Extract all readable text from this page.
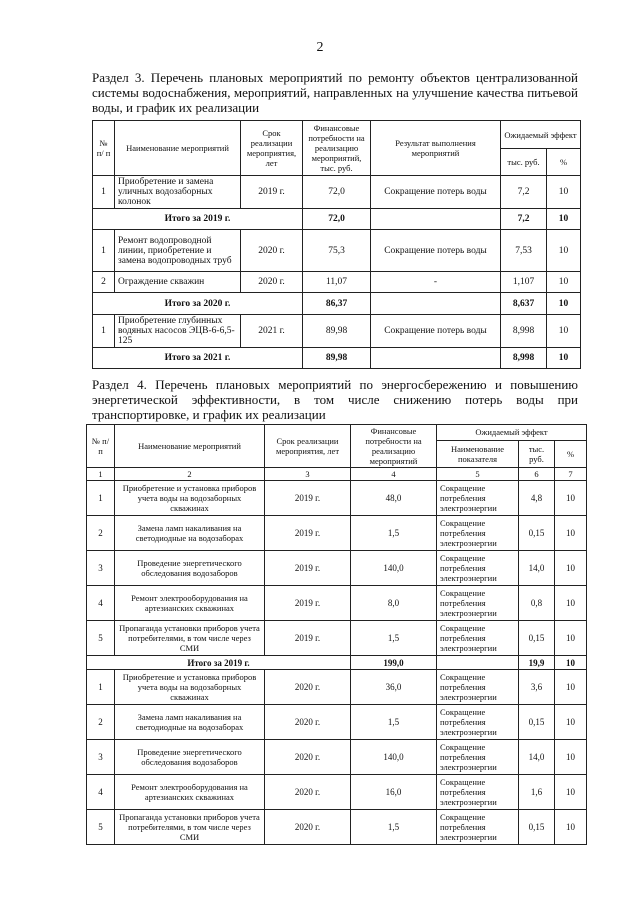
2
Раздел 3. Перечень плановых мероприятий по ремонту объектов централизованной системы водоснабжения, мероприятий, направленных на улучшение качества питьевой воды, и график их реализации
№ п/ п	Наименование мероприятий	Срок реализации мероприятия, лет	Финансовые потребности на реализацию мероприятий, тыс. руб.	Результат выполнения мероприятий	Ожидаемый эффект	
					тыс. руб.	%
1	Приобретение и замена уличных водозаборных колонок	2019 г.	72,0	Сокращение потерь воды	7,2	10
Итого за 2019 г.			72,0		7,2	10
1	Ремонт водопроводной линии, приобретение и замена водопроводных труб	2020 г.	75,3	Сокращение потерь воды	7,53	10
2	Ограждение скважин	2020 г.	11,07	-	1,107	10
Итого за 2020 г.			86,37		8,637	10
1	Приобретение глубинных водяных насосов ЭЦВ-6-6,5-125	2021 г.	89,98	Сокращение потерь воды	8,998	10
Итого за 2021 г.			89,98		8,998	10
Раздел 4. Перечень плановых мероприятий по энергосбережению и повышению энергетической эффективности, в том числе снижению потерь воды при транспортировке, и график их реализации
№ п/п	Наименование мероприятий	Срок реализации мероприятия, лет	Финансовые потребности на реализацию мероприятий	Ожидаемый эффект		
				Наименование показателя	тыс. руб.	%
1	2	3	4	5	6	7
1	Приобретение и установка приборов учета воды на водозаборных скважинах	2019 г.	48,0	Сокращение потребления электроэнергии	4,8	10
2	Замена ламп накаливания на светодиодные на водозаборах	2019 г.	1,5	Сокращение потребления электроэнергии	0,15	10
3	Проведение энергетического обследования водозаборов	2019 г.	140,0	Сокращение потребления электроэнергии	14,0	10
4	Ремонт электрооборудования на артезианских скважинах	2019 г.	8,0	Сокращение потребления электроэнергии	0,8	10
5	Пропаганда установки приборов учета потребителями, в том числе через СМИ	2019 г.	1,5	Сокращение потребления электроэнергии	0,15	10
Итого за 2019 г.			199,0		19,9	10
1	Приобретение и установка приборов учета воды на водозаборных скважинах	2020 г.	36,0	Сокращение потребления электроэнергии	3,6	10
2	Замена ламп накаливания на светодиодные на водозаборах	2020 г.	1,5	Сокращение потребления электроэнергии	0,15	10
3	Проведение энергетического обследования водозаборов	2020 г.	140,0	Сокращение потребления электроэнергии	14,0	10
4	Ремонт электрооборудования на артезианских скважинах	2020 г.	16,0	Сокращение потребления электроэнергии	1,6	10
5	Пропаганда установки приборов учета потребителями, в том числе через СМИ	2020 г.	1,5	Сокращение потребления электроэнергии	0,15	10
